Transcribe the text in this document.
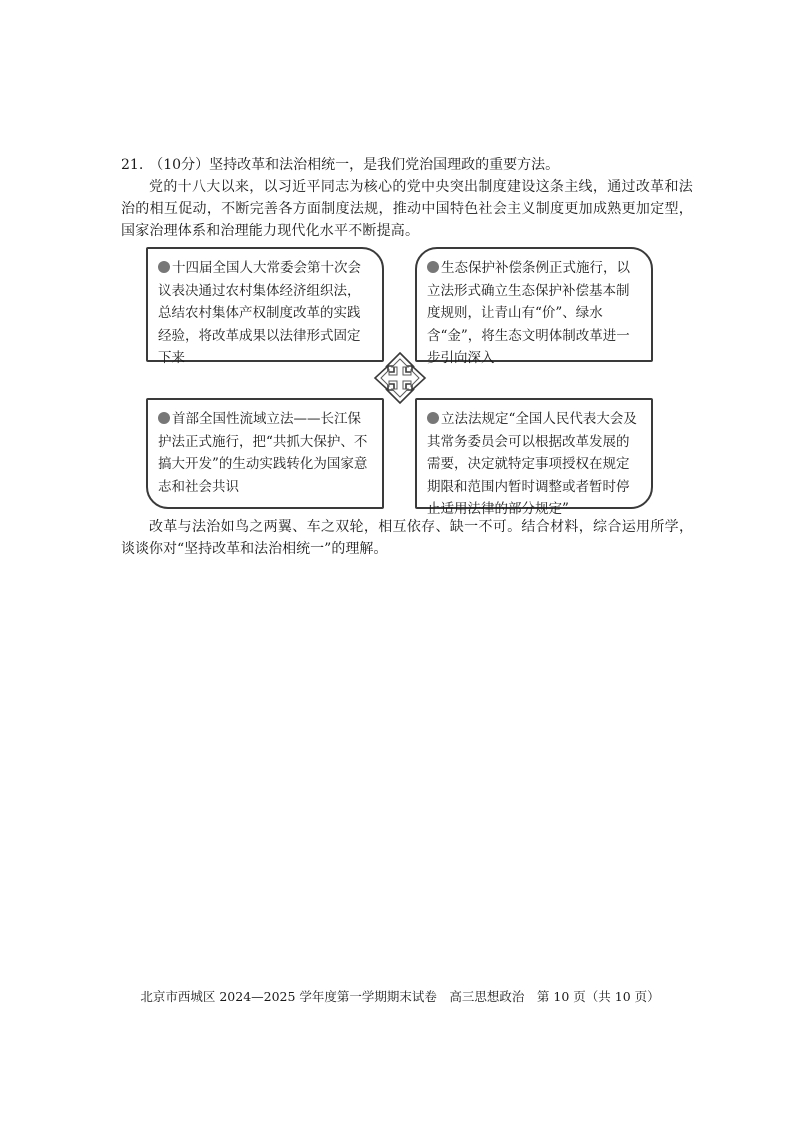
21. （10分）坚持改革和法治相统一，是我们党治国理政的重要方法。
党的十八大以来，以习近平同志为核心的党中央突出制度建设这条主线，通过改革和法治的相互促动，不断完善各方面制度法规，推动中国特色社会主义制度更加成熟更加定型，国家治理体系和治理能力现代化水平不断提高。
十四届全国人大常委会第十次会议表决通过农村集体经济组织法，总结农村集体产权制度改革的实践经验，将改革成果以法律形式固定下来
生态保护补偿条例正式施行，以立法形式确立生态保护补偿基本制度规则，让青山有“价”、绿水含“金”，将生态文明体制改革进一步引向深入
首部全国性流域立法——长江保护法正式施行，把“共抓大保护、不搞大开发”的生动实践转化为国家意志和社会共识
立法法规定“全国人民代表大会及其常务委员会可以根据改革发展的需要，决定就特定事项授权在规定期限和范围内暂时调整或者暂时停止适用法律的部分规定”
改革与法治如鸟之两翼、车之双轮，相互依存、缺一不可。结合材料，综合运用所学，谈谈你对“坚持改革和法治相统一”的理解。
北京市西城区 2024—2025 学年度第一学期期末试卷　高三思想政治　第 10 页（共 10 页）
